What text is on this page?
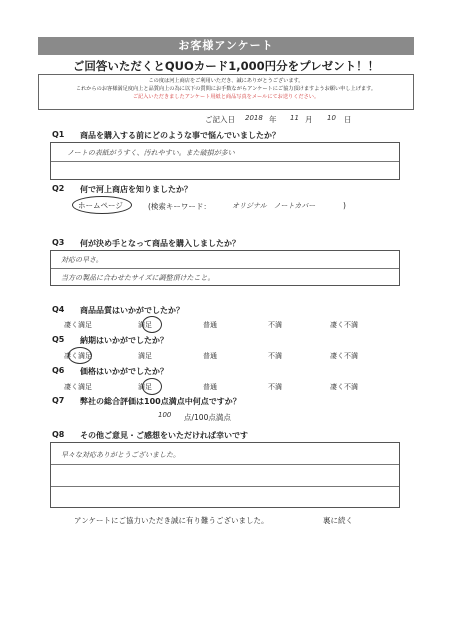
お客様アンケート
ご回答いただくとQUOカード1,000円分をプレゼント！！
この度は河上商店をご利用いただき、誠にありがとうございます。
これからのお客様満足度向上と品質向上の為に以下の質問にお手数ながらアンケートにご協力頂けますようお願い申し上げます。
ご記入いただきましたアンケート用紙と商品写真をメールにてお送りください。
ご記入日 2018 年 11 月 10 日
Q1 商品を購入する前にどのような事で悩んでいましたか？
ノートの表紙がうすく、汚れやすい。また破損が多い
Q2 何で河上商店を知りましたか？
ホームページ	(検索キーワード：	オリジナル　ノートカバー	)
Q3 何が決め手となって商品を購入しましたか？
対応の早さ。
当方の製品に合わせたサイズに調整頂けたこと。
Q4 商品品質はいかがでしたか？
凄く満足	満足	普通	不満	凄く不満
Q5 納期はいかがでしたか？
凄く満足	満足	普通	不満	凄く不満
Q6 価格はいかがでしたか？
凄く満足	満足	普通	不満	凄く不満
Q7 弊社の総合評価は100点満点中何点ですか？
100 点/100点満点
Q8 その他ご意見・ご感想をいただければ幸いです
早々な対応ありがとうございました。
アンケートにご協力いただき誠に有り難うございました。	裏に続く
